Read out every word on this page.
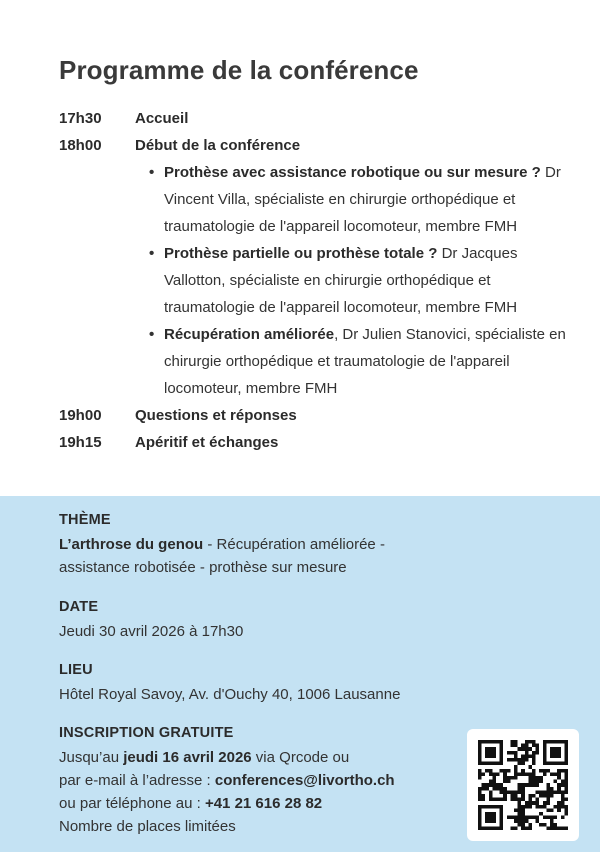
Programme de la conférence
17h30	Accueil
18h00	Début de la conférence
• Prothèse avec assistance robotique ou sur mesure ? Dr Vincent Villa, spécialiste en chirurgie orthopédique et traumatologie de l'appareil locomoteur, membre FMH
• Prothèse partielle ou prothèse totale ? Dr Jacques Vallotton, spécialiste en chirurgie orthopédique et traumatologie de l'appareil locomoteur, membre FMH
• Récupération améliorée, Dr Julien Stanovici, spécialiste en chirurgie orthopédique et traumatologie de l'appareil locomoteur, membre FMH
19h00	Questions et réponses
19h15	Apéritif et échanges
THÈME
L’arthrose du genou - Récupération améliorée - assistance robotisée - prothèse sur mesure
DATE
Jeudi 30 avril 2026 à 17h30
LIEU
Hôtel Royal Savoy, Av. d'Ouchy 40, 1006 Lausanne
INSCRIPTION GRATUITE
Jusqu’au jeudi 16 avril 2026 via Qrcode ou
par e-mail à l’adresse : conferences@livortho.ch
ou par téléphone au : +41 21 616 28 82
Nombre de places limitées
